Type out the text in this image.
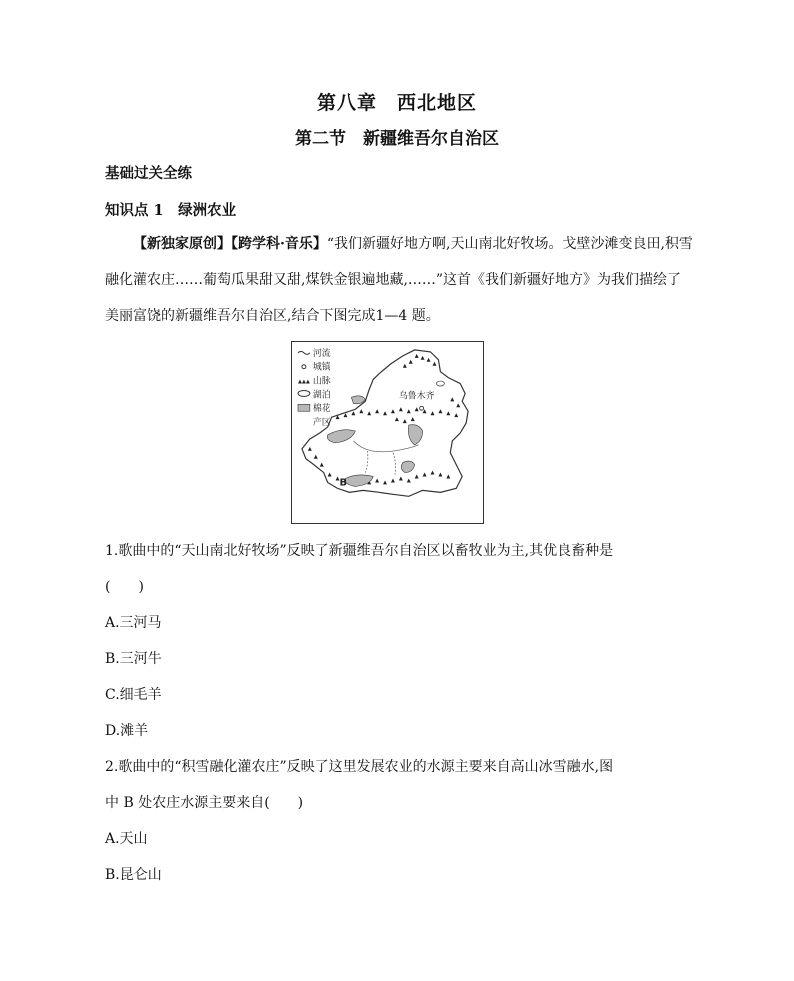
第八章　西北地区
第二节　新疆维吾尔自治区
基础过关全练
知识点 1　绿洲农业
【新独家原创】【跨学科·音乐】“我们新疆好地方啊,天山南北好牧场。戈壁沙滩变良田,积雪融化灌农庄……葡萄瓜果甜又甜,煤铁金银遍地藏,……”这首《我们新疆好地方》为我们描绘了美丽富饶的新疆维吾尔自治区,结合下图完成1—4 题。
河流
城镇
山脉
湖泊
棉花
产区
乌鲁木齐
B
1.歌曲中的“天山南北好牧场”反映了新疆维吾尔自治区以畜牧业为主,其优良畜种是
(　　)
A.三河马
B.三河牛
C.细毛羊
D.滩羊
2.歌曲中的“积雪融化灌农庄”反映了这里发展农业的水源主要来自高山冰雪融水,图
中 B 处农庄水源主要来自(　　)
A.天山
B.昆仑山
